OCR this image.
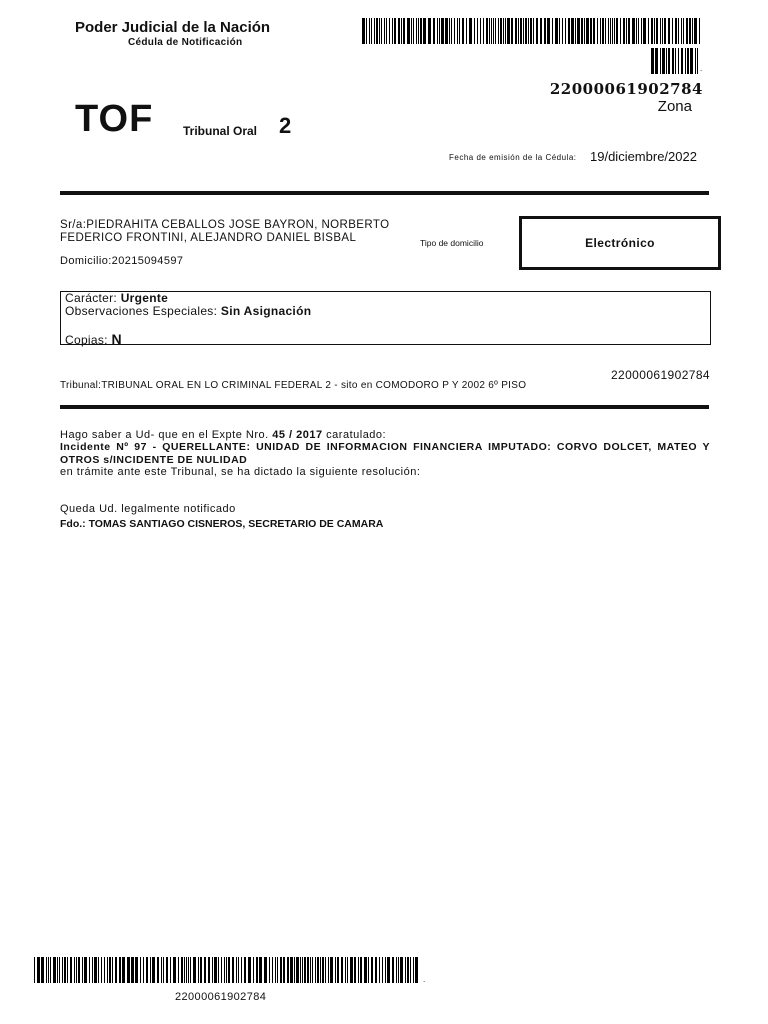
Poder Judicial de la Nación
Cédula de Notificación
.
22000061902784
Zona
TOF Tribunal Oral 2
Fecha de emisión de la Cédula: 19/diciembre/2022
Sr/a:PIEDRAHITA CEBALLOS JOSE BAYRON, NORBERTO FEDERICO FRONTINI, ALEJANDRO DANIEL BISBAL
Domicilio:20215094597
Tipo de domicilio	Electrónico
Carácter: Urgente
Observaciones Especiales: Sin Asignación
Copias: N
22000061902784
Tribunal:TRIBUNAL ORAL EN LO CRIMINAL FEDERAL 2 - sito en COMODORO P Y 2002 6º PISO
Hago saber a Ud- que en el Expte Nro. 45 / 2017 caratulado:
Incidente Nº 97 - QUERELLANTE: UNIDAD DE INFORMACION FINANCIERA IMPUTADO: CORVO DOLCET, MATEO Y OTROS s/INCIDENTE DE NULIDAD
en trámite ante este Tribunal, se ha dictado la siguiente resolución:
Queda Ud. legalmente notificado
Fdo.: TOMAS SANTIAGO CISNEROS, SECRETARIO DE CAMARA
.
22000061902784
